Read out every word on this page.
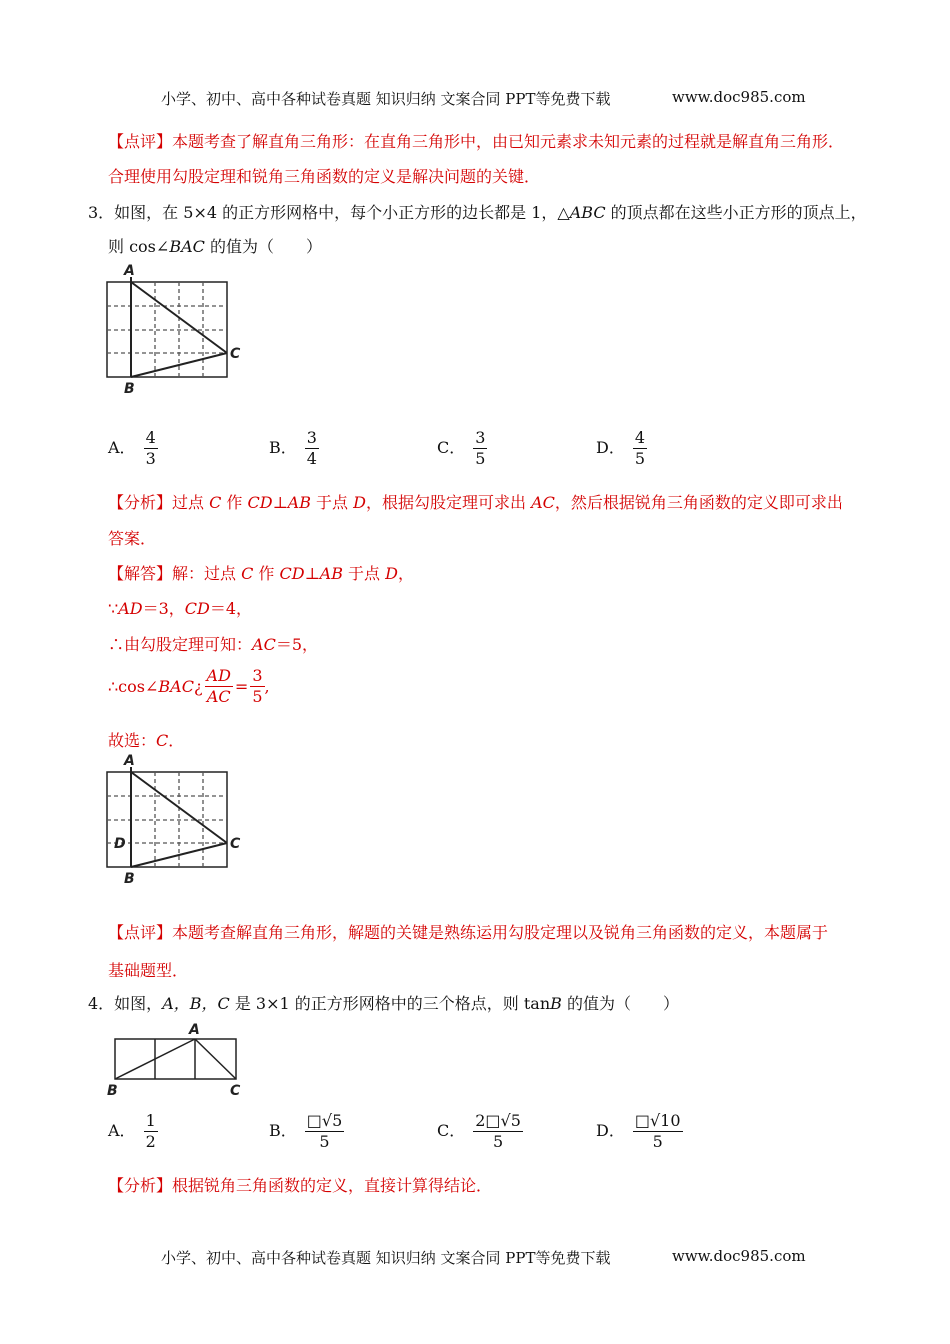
小学、初中、高中各种试卷真题 知识归纳 文案合同 PPT等免费下载	www.doc985.com
【点评】本题考查了解直角三角形：在直角三角形中，由已知元素求未知元素的过程就是解直角三角形．
合理使用勾股定理和锐角三角函数的定义是解决问题的关键．
3．如图，在 5×4 的正方形网格中，每个小正方形的边长都是 1，△ABC 的顶点都在这些小正方形的顶点上，
则 cos∠BAC 的值为（　　）
A
B
C
A． $\frac{4}{3}$	B． $\frac{3}{4}$	C． $\frac{3}{5}$	D． $\frac{4}{5}$
【分析】过点 C 作 CD⊥AB 于点 D，根据勾股定理可求出 AC，然后根据锐角三角函数的定义即可求出
答案．
【解答】解：过点 C 作 CD⊥AB 于点 D，
∵AD＝3，CD＝4，
∴由勾股定理可知：AC＝5，
∴cos∠BAC¿ $\frac{AD}{AC} = \frac{3}{5}$ ,
故选：C．
A
B
C
D
【点评】本题考查解直角三角形，解题的关键是熟练运用勾股定理以及锐角三角函数的定义，本题属于
基础题型．
4．如图，A，B，C 是 3×1 的正方形网格中的三个格点，则 tanB 的值为（　　）
A
B	C
A． $\frac{1}{2}$	B． $\frac{□√5}{5}$	C． $\frac{2□√5}{5}$	D． $\frac{□√10}{5}$
【分析】根据锐角三角函数的定义，直接计算得结论．
小学、初中、高中各种试卷真题 知识归纳 文案合同 PPT等免费下载	www.doc985.com
